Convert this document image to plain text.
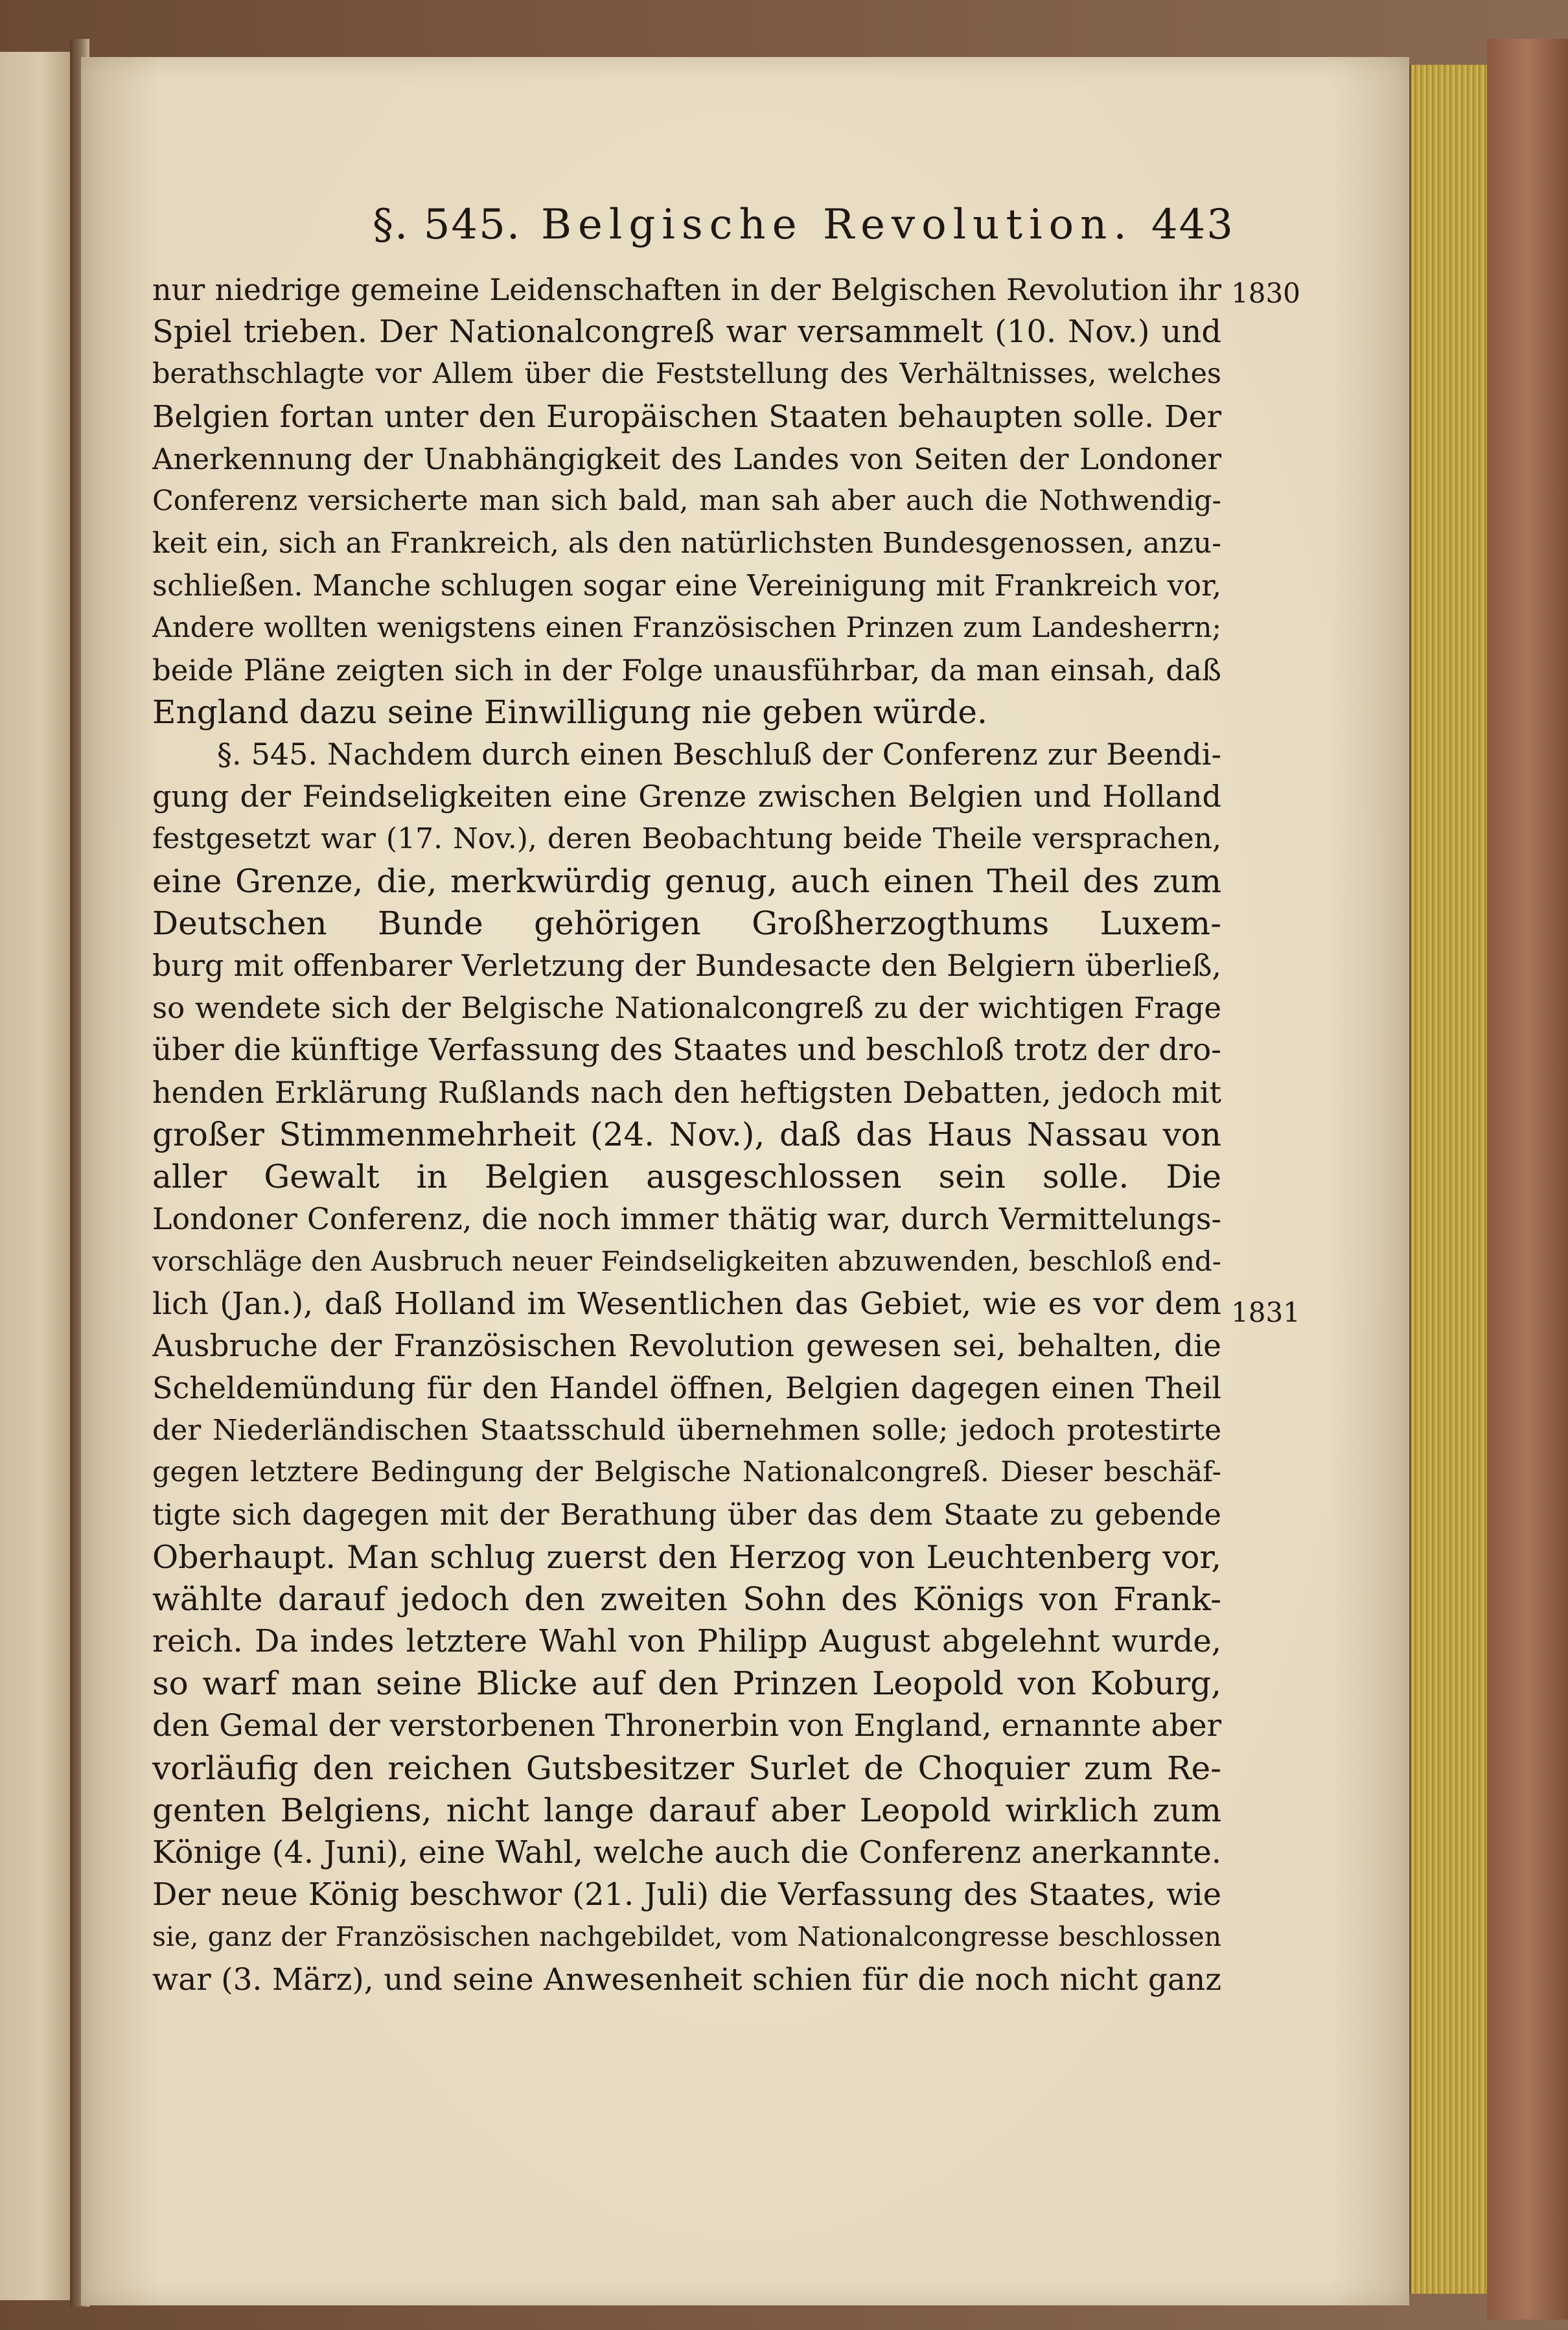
§. 545. Belgische Revolution. 443
nur niedrige gemeine Leidenschaften in der Belgischen Revolution ihr
Spiel trieben. Der Nationalcongreß war versammelt (10. Nov.) und
berathschlagte vor Allem über die Feststellung des Verhältnisses, welches
Belgien fortan unter den Europäischen Staaten behaupten solle. Der
Anerkennung der Unabhängigkeit des Landes von Seiten der Londoner
Conferenz versicherte man sich bald, man sah aber auch die Nothwendig-
keit ein, sich an Frankreich, als den natürlichsten Bundesgenossen, anzu-
schließen. Manche schlugen sogar eine Vereinigung mit Frankreich vor,
Andere wollten wenigstens einen Französischen Prinzen zum Landesherrn;
beide Pläne zeigten sich in der Folge unausführbar, da man einsah, daß
England dazu seine Einwilligung nie geben würde.
§. 545. Nachdem durch einen Beschluß der Conferenz zur Beendi-
gung der Feindseligkeiten eine Grenze zwischen Belgien und Holland
festgesetzt war (17. Nov.), deren Beobachtung beide Theile versprachen,
eine Grenze, die, merkwürdig genug, auch einen Theil des zum
Deutschen Bunde gehörigen Großherzogthums Luxem-
burg mit offenbarer Verletzung der Bundesacte den Belgiern überließ,
so wendete sich der Belgische Nationalcongreß zu der wichtigen Frage
über die künftige Verfassung des Staates und beschloß trotz der dro-
henden Erklärung Rußlands nach den heftigsten Debatten, jedoch mit
großer Stimmenmehrheit (24. Nov.), daß das Haus Nassau von
aller Gewalt in Belgien ausgeschlossen sein solle. Die
Londoner Conferenz, die noch immer thätig war, durch Vermittelungs-
vorschläge den Ausbruch neuer Feindseligkeiten abzuwenden, beschloß end-
lich (Jan.), daß Holland im Wesentlichen das Gebiet, wie es vor dem
Ausbruche der Französischen Revolution gewesen sei, behalten, die
Scheldemündung für den Handel öffnen, Belgien dagegen einen Theil
der Niederländischen Staatsschuld übernehmen solle; jedoch protestirte
gegen letztere Bedingung der Belgische Nationalcongreß. Dieser beschäf-
tigte sich dagegen mit der Berathung über das dem Staate zu gebende
Oberhaupt. Man schlug zuerst den Herzog von Leuchtenberg vor,
wählte darauf jedoch den zweiten Sohn des Königs von Frank-
reich. Da indes letztere Wahl von Philipp August abgelehnt wurde,
so warf man seine Blicke auf den Prinzen Leopold von Koburg,
den Gemal der verstorbenen Thronerbin von England, ernannte aber
vorläufig den reichen Gutsbesitzer Surlet de Choquier zum Re-
genten Belgiens, nicht lange darauf aber Leopold wirklich zum
Könige (4. Juni), eine Wahl, welche auch die Conferenz anerkannte.
Der neue König beschwor (21. Juli) die Verfassung des Staates, wie
sie, ganz der Französischen nachgebildet, vom Nationalcongresse beschlossen
war (3. März), und seine Anwesenheit schien für die noch nicht ganz
1830
1831
